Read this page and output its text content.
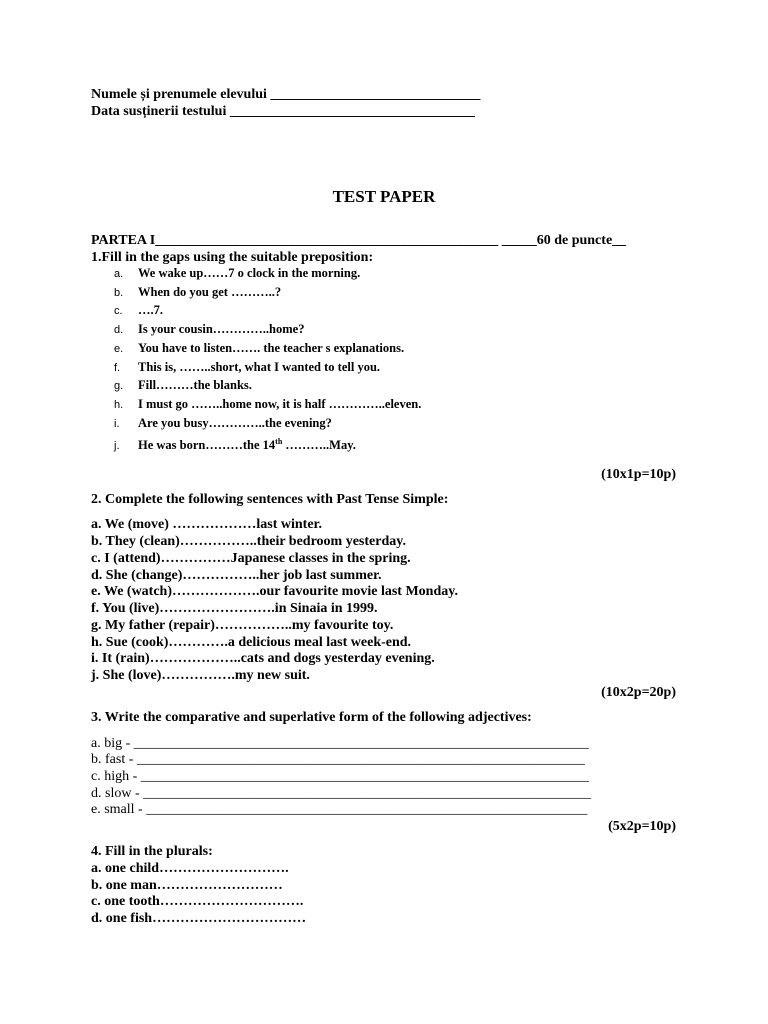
Numele și prenumele elevului ______________________________
Data susținerii testului ___________________________________
TEST PAPER
PARTEA I_________________________________________________ _____60 de puncte__
1.Fill in the gaps using the suitable preposition:
a. We wake up……7 o clock in the morning.
b. When do you get ………..?
c. ….7.
d. Is your cousin…………..home?
e. You have to listen……. the teacher s explanations.
f. This is, ……..short, what I wanted to tell you.
g. Fill………the blanks.
h. I must go ……..home now, it is half …………..eleven.
i. Are you busy…………..the evening?
j. He was born………the 14th ………..May.
(10x1p=10p)
2. Complete the following sentences with Past Tense Simple:
a. We (move) ………………last winter.
b. They (clean)……………..their bedroom yesterday.
c. I (attend)……………Japanese classes in the spring.
d. She (change)……………..her job last summer.
e. We (watch)……………….our favourite movie last Monday.
f. You (live)…………………….in Sinaia in 1999.
g. My father (repair)……………..my favourite toy.
h. Sue (cook)………….a delicious meal last week-end.
i. It (rain)………………..cats and dogs yesterday evening.
j. She (love)…………….my new suit.
(10x2p=20p)
3. Write the comparative and superlative form of the following adjectives:
a. big - _________________________________________________________________
b. fast - ________________________________________________________________
c. high - ________________________________________________________________
d. slow - ________________________________________________________________
e. small - _______________________________________________________________
(5x2p=10p)
4. Fill in the plurals:
a. one child……………………….
b. one man………………………
c. one tooth………………………….
d. one fish……………………………
